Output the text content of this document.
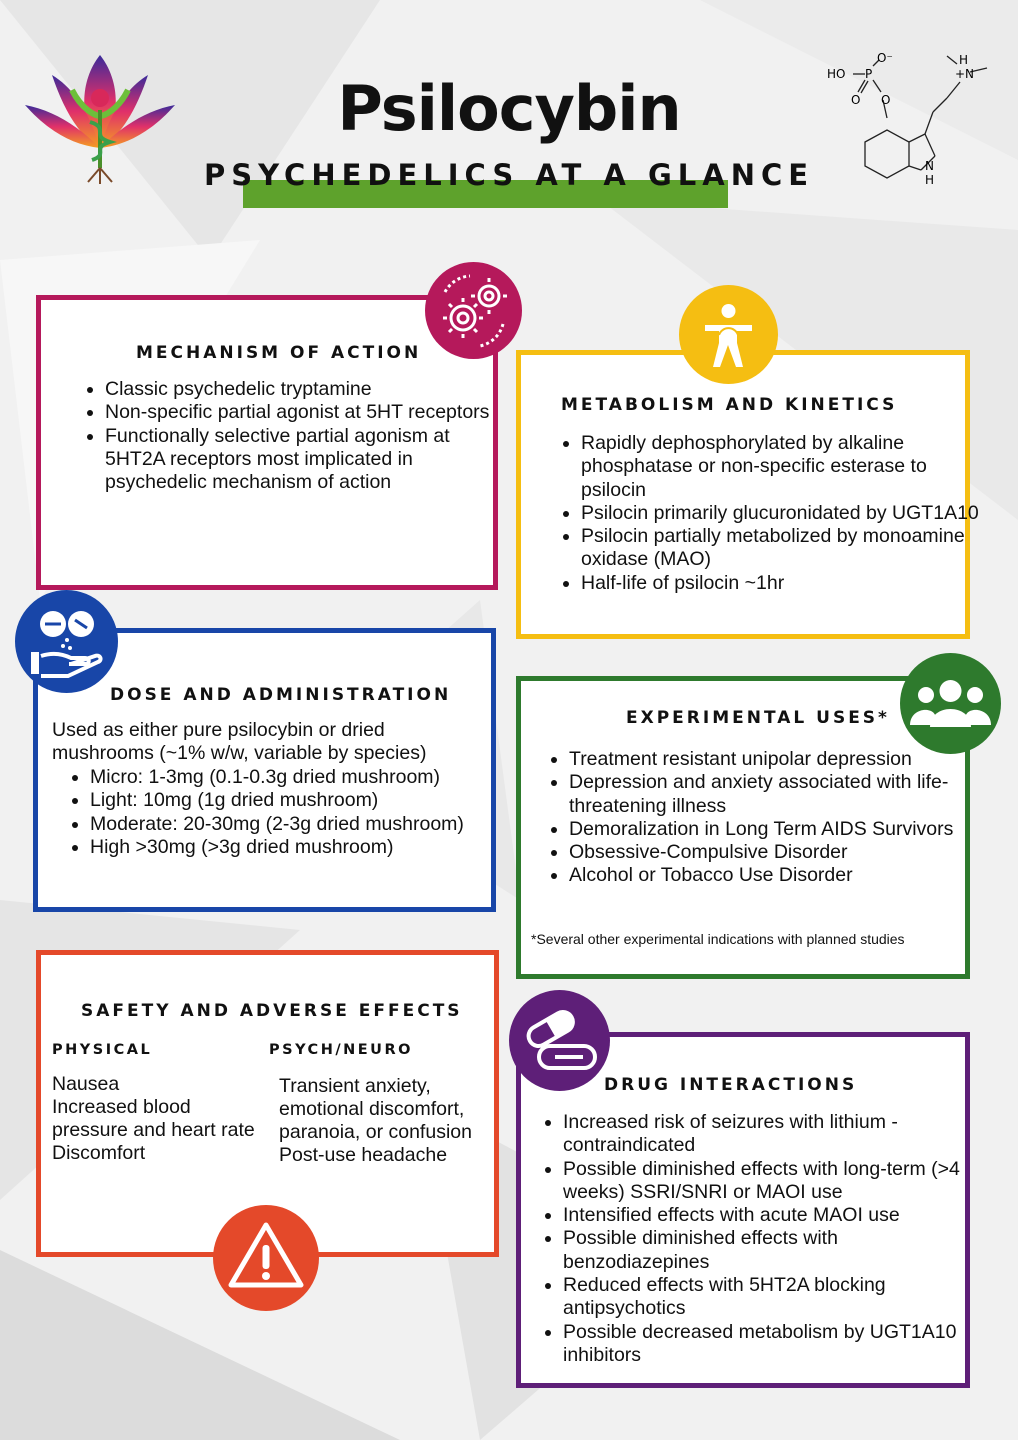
Psilocybin

PSYCHEDELICS AT A GLANCE

HO P
O⁻
O O
+N
H
N
H
MECHANISM OF ACTION
• Classic psychedelic tryptamine
• Non-specific partial agonist at 5HT receptors
• Functionally selective partial agonism at 5HT2A receptors most implicated in psychedelic mechanism of action
METABOLISM AND KINETICS
• Rapidly dephosphorylated by alkaline phosphatase or non-specific esterase to psilocin
• Psilocin primarily glucuronidated by UGT1A10
• Psilocin partially metabolized by monoamine oxidase (MAO)
• Half-life of psilocin ~1hr
DOSE AND ADMINISTRATION

Used as either pure psilocybin or dried mushrooms (~1% w/w, variable by species)

• Micro: 1-3mg (0.1-0.3g dried mushroom)
• Light: 10mg (1g dried mushroom)
• Moderate: 20-30mg (2-3g dried mushroom)
• High >30mg (>3g dried mushroom)
EXPERIMENTAL USES*
• Treatment resistant unipolar depression
• Depression and anxiety associated with life-threatening illness
• Demoralization in Long Term AIDS Survivors
• Obsessive-Compulsive Disorder
• Alcohol or Tobacco Use Disorder

*Several other experimental indications with planned studies

SAFETY AND ADVERSE EFFECTS

PHYSICAL	PSYCH/NEURO

Nausea
Increased blood
pressure and heart rate
Discomfort
Transient anxiety,
emotional discomfort,
paranoia, or confusion
Post-use headache
DRUG INTERACTIONS
• Increased risk of seizures with lithium - contraindicated
• Possible diminished effects with long-term (>4 weeks) SSRI/SNRI or MAOI use
• Intensified effects with acute MAOI use
• Possible diminished effects with benzodiazepines
• Reduced effects with 5HT2A blocking antipsychotics
• Possible decreased metabolism by UGT1A10 inhibitors
